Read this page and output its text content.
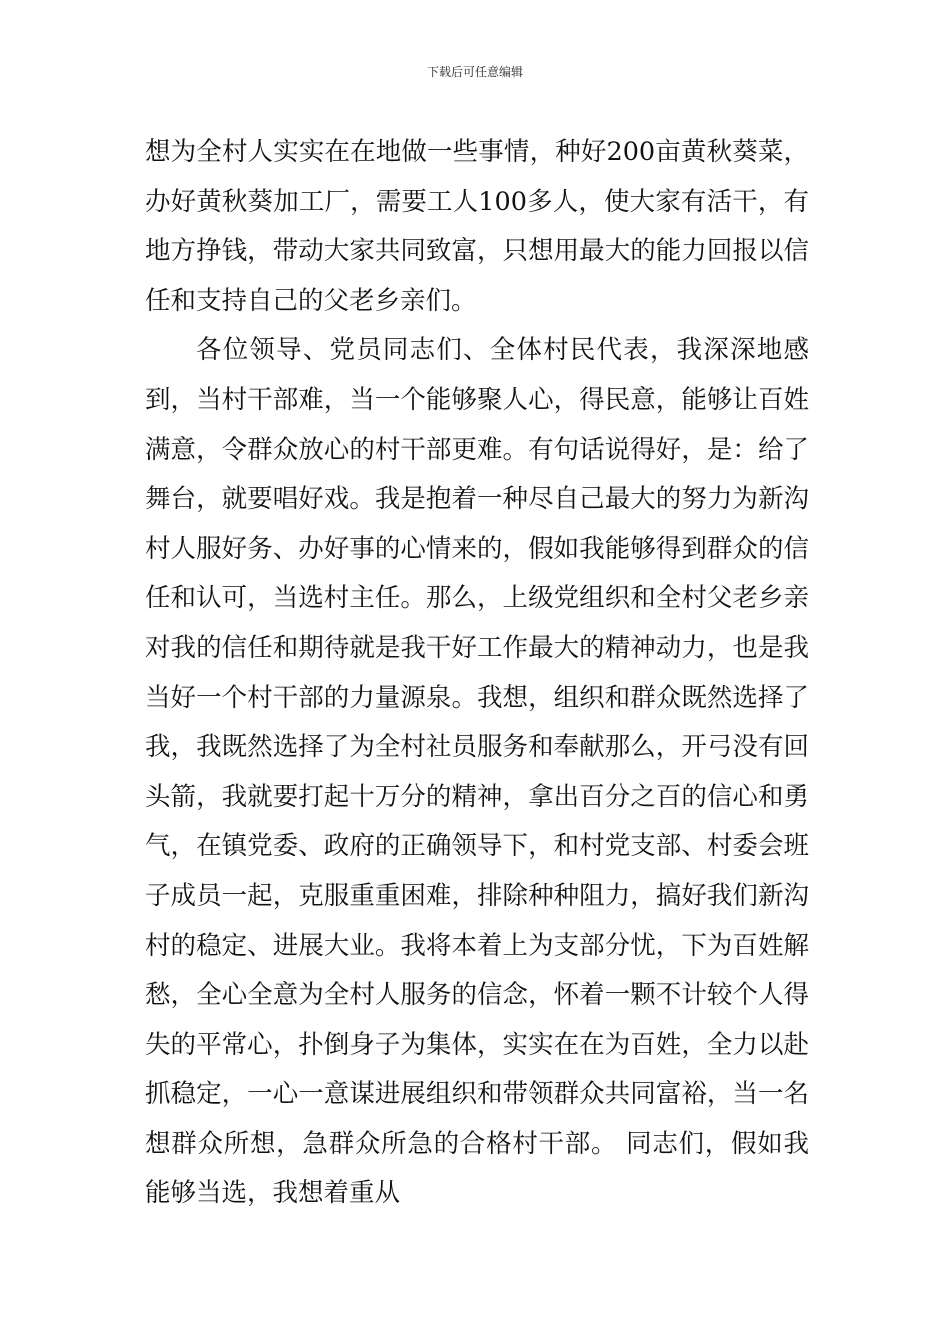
下载后可任意编辑

想为全村人实实在在地做一些事情，种好200亩黄秋葵菜，办好黄秋葵加工厂，需要工人100多人，使大家有活干，有地方挣钱，带动大家共同致富，只想用最大的能力回报以信任和支持自己的父老乡亲们。

各位领导、党员同志们、全体村民代表，我深深地感到，当村干部难，当一个能够聚人心，得民意，能够让百姓满意，令群众放心的村干部更难。有句话说得好，是：给了舞台，就要唱好戏。我是抱着一种尽自己最大的努力为新沟村人服好务、办好事的心情来的，假如我能够得到群众的信任和认可，当选村主任。那么，上级党组织和全村父老乡亲对我的信任和期待就是我干好工作最大的精神动力，也是我当好一个村干部的力量源泉。我想，组织和群众既然选择了我，我既然选择了为全村社员服务和奉献那么，开弓没有回头箭，我就要打起十万分的精神，拿出百分之百的信心和勇气，在镇党委、政府的正确领导下，和村党支部、村委会班子成员一起，克服重重困难，排除种种阻力，搞好我们新沟村的稳定、进展大业。我将本着上为支部分忧，下为百姓解愁，全心全意为全村人服务的信念，怀着一颗不计较个人得失的平常心，扑倒身子为集体，实实在在为百姓，全力以赴抓稳定，一心一意谋进展组织和带领群众共同富裕，当一名想群众所想，急群众所急的合格村干部。 同志们，假如我能够当选，我想着重从
